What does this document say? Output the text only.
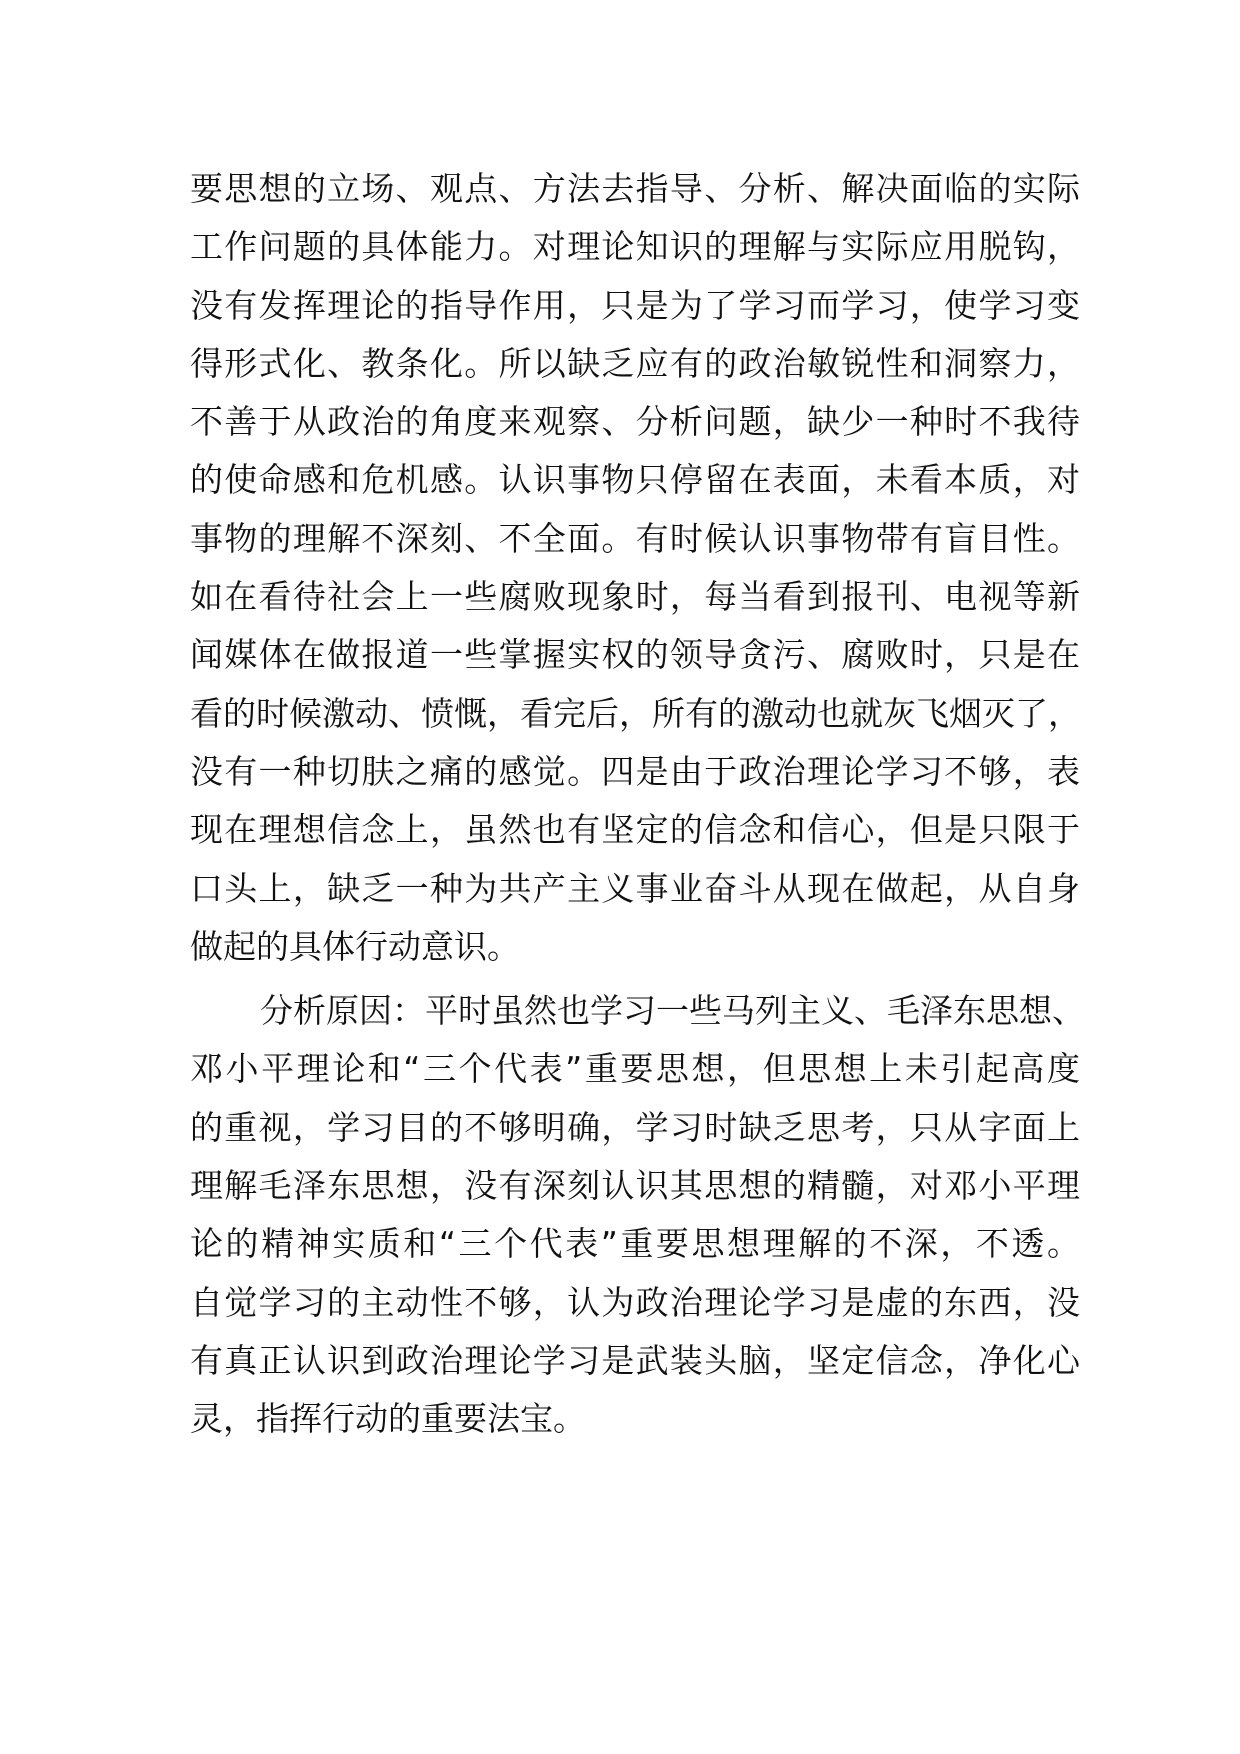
要思想的立场、观点、方法去指导、分析、解决面临的实际
工作问题的具体能力。对理论知识的理解与实际应用脱钩，
没有发挥理论的指导作用，只是为了学习而学习，使学习变
得形式化、教条化。所以缺乏应有的政治敏锐性和洞察力，
不善于从政治的角度来观察、分析问题，缺少一种时不我待
的使命感和危机感。认识事物只停留在表面，未看本质，对
事物的理解不深刻、不全面。有时候认识事物带有盲目性。
如在看待社会上一些腐败现象时，每当看到报刊、电视等新
闻媒体在做报道一些掌握实权的领导贪污、腐败时，只是在
看的时候激动、愤慨，看完后，所有的激动也就灰飞烟灭了，
没有一种切肤之痛的感觉。四是由于政治理论学习不够，表
现在理想信念上，虽然也有坚定的信念和信心，但是只限于
口头上，缺乏一种为共产主义事业奋斗从现在做起，从自身
做起的具体行动意识。
分析原因：平时虽然也学习一些马列主义、毛泽东思想、
邓小平理论和“三个代表”重要思想，但思想上未引起高度
的重视，学习目的不够明确，学习时缺乏思考，只从字面上
理解毛泽东思想，没有深刻认识其思想的精髓，对邓小平理
论的精神实质和“三个代表”重要思想理解的不深，不透。
自觉学习的主动性不够，认为政治理论学习是虚的东西，没
有真正认识到政治理论学习是武装头脑，坚定信念，净化心
灵，指挥行动的重要法宝。
